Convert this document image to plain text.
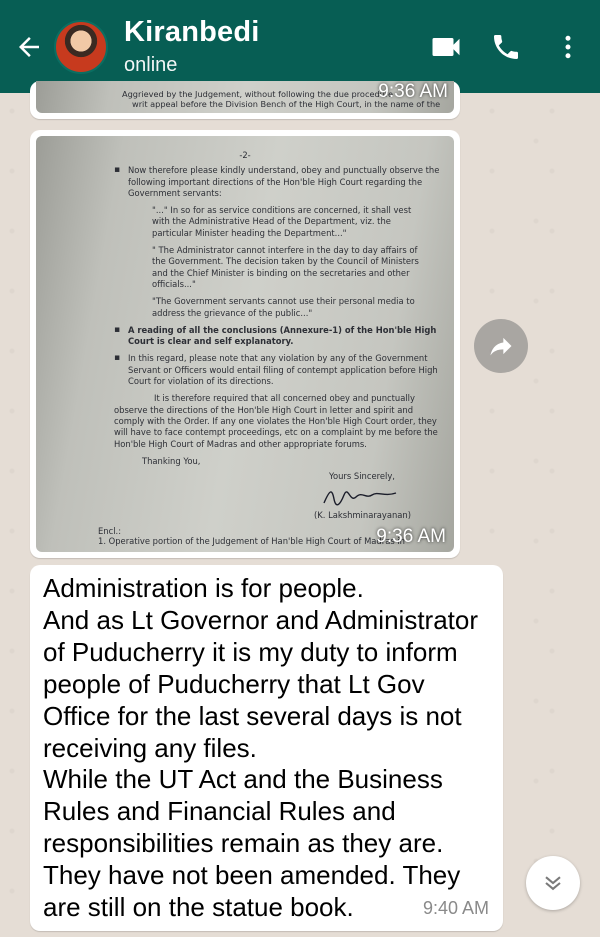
Kiranbedi
online
Aggrieved by the Judgement, without following the due procedure
writ appeal before the Division Bench of the High Court, in the name of the
9:36 AM

-2-

▪ Now therefore please kindly understand, obey and punctually observe the following important directions of the Hon'ble High Court regarding the Government servants:

"..." In so for as service conditions are concerned, it shall vest with the Administrative Head of the Department, viz. the particular Minister heading the Department..."

" The Administrator cannot interfere in the day to day affairs of the Government. The decision taken by the Council of Ministers and the Chief Minister is binding on the secretaries and other officials..."

"The Government servants cannot use their personal media to address the grievance of the public..."

▪ A reading of all the conclusions (Annexure-1) of the Hon'ble High Court is clear and self explanatory.

▪ In this regard, please note that any violation by any of the Government Servant or Officers would entail filing of contempt application before High Court for violation of its directions.

It is therefore required that all concerned obey and punctually observe the directions of the Hon'ble High Court in letter and spirit and comply with the Order. If any one violates the Hon'ble High Court order, they will have to face contempt proceedings, etc on a complaint by me before the Hon'ble High Court of Madras and other appropriate forums.

Thanking You,

Yours Sincerely,
(K. Lakshminarayanan)
Encl.:
1. Operative portion of the Judgement of Han'ble High Court of Madras in
9:36 AM
Administration is for people.
And as Lt Governor and Administrator
of Puducherry it is my duty to inform
people of Puducherry that Lt Gov
Office for the last several days is not
receiving any files.
While the UT Act and the Business
Rules and Financial Rules and
responsibilities remain as they are.
They have not been amended. They
are still on the statue book.	9:40 AM
